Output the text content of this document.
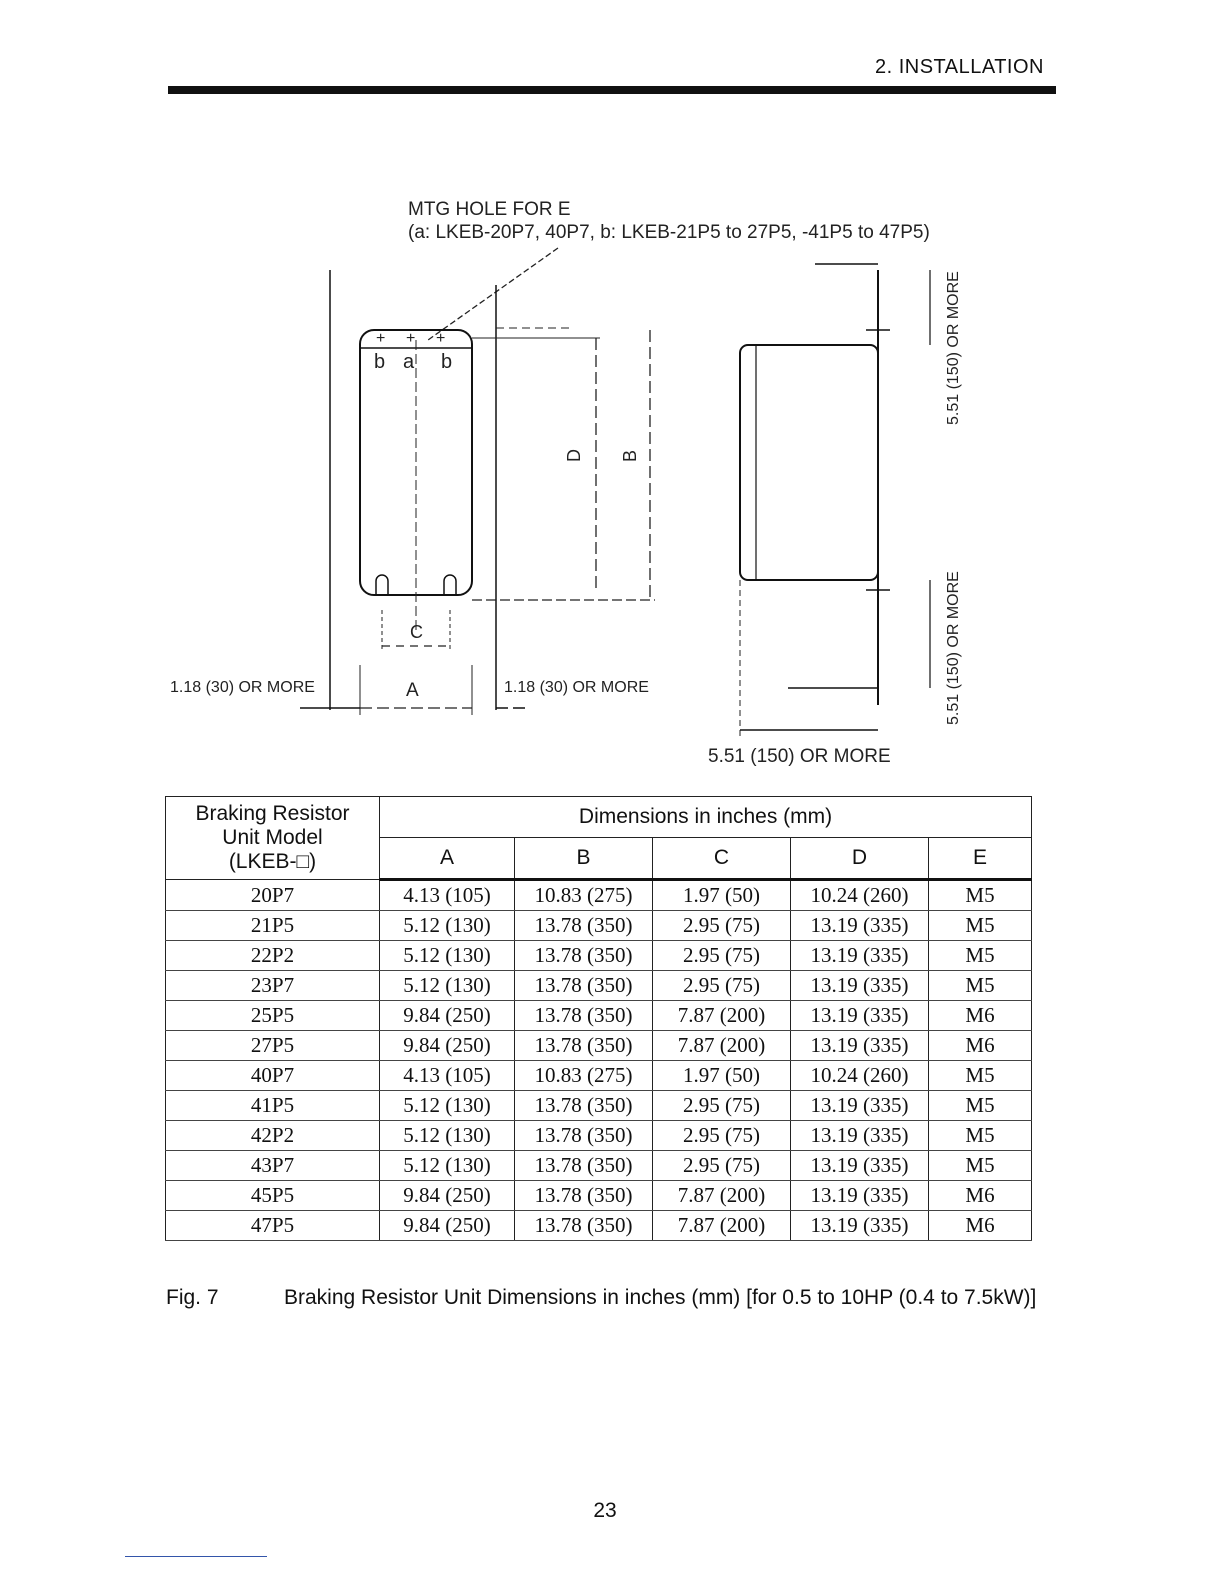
2. INSTALLATION
MTG HOLE FOR E
(a: LKEB-20P7, 40P7, b: LKEB-21P5 to 27P5, -41P5 to 47P5)
+ + +
b a b
C
A
1.18 (30) OR MORE	1.18 (30) OR MORE
D B
5.51 (150) OR MORE
5.51 (150) OR MORE
5.51 (150) OR MORE
Braking Resistor
Unit Model
(LKEB-□)	Dimensions in inches (mm)				
	A	B	C	D	E
20P7	4.13 (105)	10.83 (275)	1.97 (50)	10.24 (260)	M5
21P5	5.12 (130)	13.78 (350)	2.95 (75)	13.19 (335)	M5
22P2	5.12 (130)	13.78 (350)	2.95 (75)	13.19 (335)	M5
23P7	5.12 (130)	13.78 (350)	2.95 (75)	13.19 (335)	M5
25P5	9.84 (250)	13.78 (350)	7.87 (200)	13.19 (335)	M6
27P5	9.84 (250)	13.78 (350)	7.87 (200)	13.19 (335)	M6
40P7	4.13 (105)	10.83 (275)	1.97 (50)	10.24 (260)	M5
41P5	5.12 (130)	13.78 (350)	2.95 (75)	13.19 (335)	M5
42P2	5.12 (130)	13.78 (350)	2.95 (75)	13.19 (335)	M5
43P7	5.12 (130)	13.78 (350)	2.95 (75)	13.19 (335)	M5
45P5	9.84 (250)	13.78 (350)	7.87 (200)	13.19 (335)	M6
47P5	9.84 (250)	13.78 (350)	7.87 (200)	13.19 (335)	M6
Fig. 7	Braking Resistor Unit Dimensions in inches (mm) [for 0.5 to 10HP (0.4 to 7.5kW)]
23
